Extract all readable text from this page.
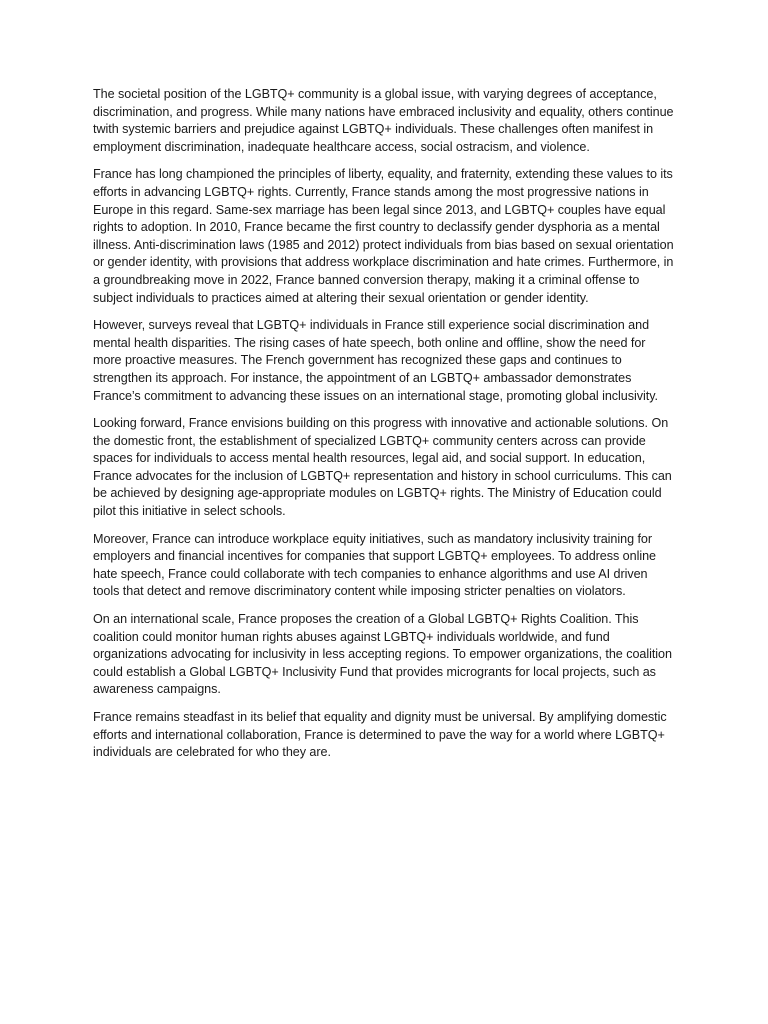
The societal position of the LGBTQ+ community is a global issue, with varying degrees of acceptance, discrimination, and progress. While many nations have embraced inclusivity and equality, others continue twith systemic barriers and prejudice against LGBTQ+ individuals. These challenges often manifest in employment discrimination, inadequate healthcare access, social ostracism, and violence.

France has long championed the principles of liberty, equality, and fraternity, extending these values to its efforts in advancing LGBTQ+ rights. Currently, France stands among the most progressive nations in Europe in this regard. Same-sex marriage has been legal since 2013, and LGBTQ+ couples have equal rights to adoption. In 2010, France became the first country to declassify gender dysphoria as a mental illness. Anti-discrimination laws (1985 and 2012) protect individuals from bias based on sexual orientation or gender identity, with provisions that address workplace discrimination and hate crimes. Furthermore, in a groundbreaking move in 2022, France banned conversion therapy, making it a criminal offense to subject individuals to practices aimed at altering their sexual orientation or gender identity.

However, surveys reveal that LGBTQ+ individuals in France still experience social discrimination and mental health disparities. The rising cases of hate speech, both online and offline, show the need for more proactive measures. The French government has recognized these gaps and continues to strengthen its approach. For instance, the appointment of an LGBTQ+ ambassador demonstrates France’s commitment to advancing these issues on an international stage, promoting global inclusivity.

Looking forward, France envisions building on this progress with innovative and actionable solutions. On the domestic front, the establishment of specialized LGBTQ+ community centers across can provide spaces for individuals to access mental health resources, legal aid, and social support. In education, France advocates for the inclusion of LGBTQ+ representation and history in school curriculums. This can be achieved by designing age-appropriate modules on LGBTQ+ rights. The Ministry of Education could pilot this initiative in select schools.

Moreover, France can introduce workplace equity initiatives, such as mandatory inclusivity training for employers and financial incentives for companies that support LGBTQ+ employees. To address online hate speech, France could collaborate with tech companies to enhance algorithms and use AI driven tools that detect and remove discriminatory content while imposing stricter penalties on violators.

On an international scale, France proposes the creation of a Global LGBTQ+ Rights Coalition. This coalition could monitor human rights abuses against LGBTQ+ individuals worldwide, and fund organizations advocating for inclusivity in less accepting regions. To empower organizations, the coalition could establish a Global LGBTQ+ Inclusivity Fund that provides microgrants for local projects, such as awareness campaigns.

France remains steadfast in its belief that equality and dignity must be universal. By amplifying domestic efforts and international collaboration, France is determined to pave the way for a world where LGBTQ+ individuals are celebrated for who they are.
